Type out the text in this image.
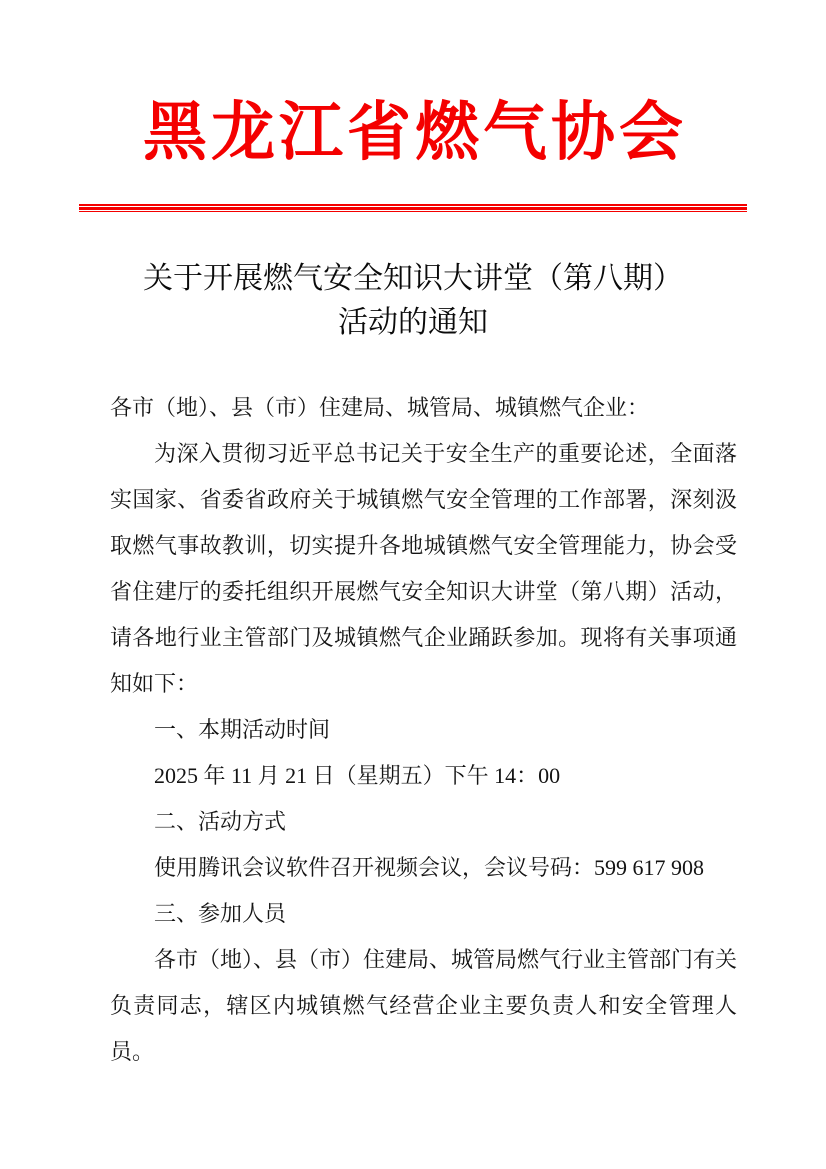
黑龙江省燃气协会
关于开展燃气安全知识大讲堂（第八期）
活动的通知

各市（地）、县（市）住建局、城管局、城镇燃气企业：

为深入贯彻习近平总书记关于安全生产的重要论述，全面落实国家、省委省政府关于城镇燃气安全管理的工作部署，深刻汲取燃气事故教训，切实提升各地城镇燃气安全管理能力，协会受省住建厅的委托组织开展燃气安全知识大讲堂（第八期）活动，请各地行业主管部门及城镇燃气企业踊跃参加。现将有关事项通知如下：

一、本期活动时间

2025 年 11 月 21 日（星期五）下午 14：00

二、活动方式

使用腾讯会议软件召开视频会议，会议号码：599 617 908

三、参加人员

各市（地）、县（市）住建局、城管局燃气行业主管部门有关负责同志，辖区内城镇燃气经营企业主要负责人和安全管理人员。
